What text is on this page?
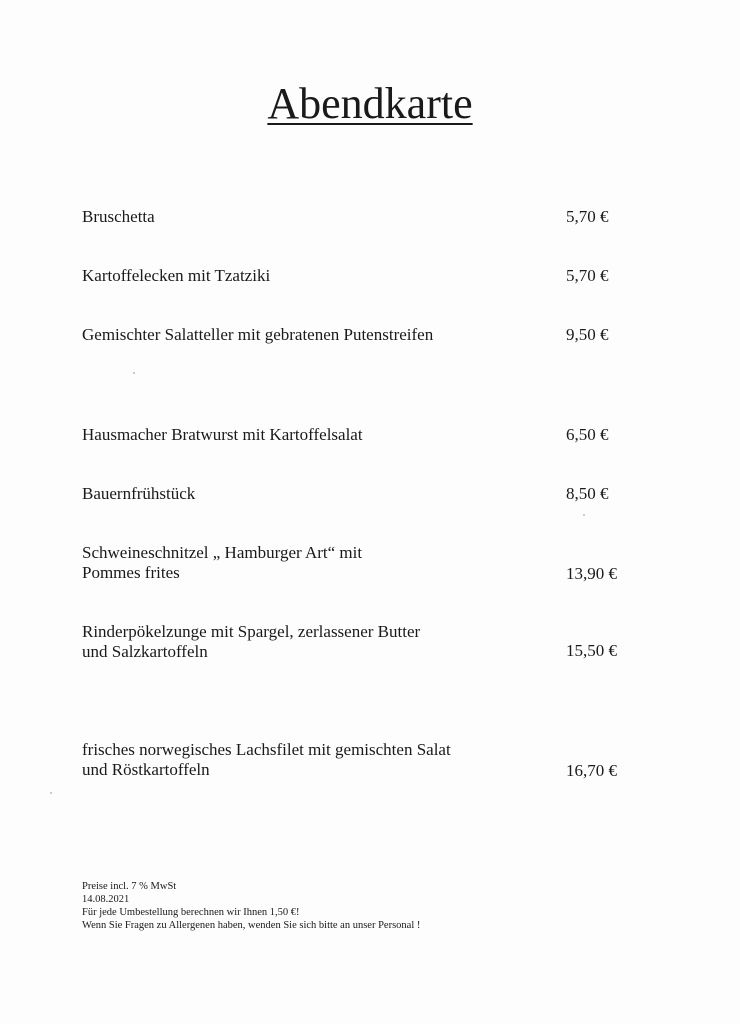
Abendkarte
Bruschetta	5,70 €
Kartoffelecken mit Tzatziki	5,70 €
Gemischter Salatteller mit gebratenen Putenstreifen	9,50 €
Hausmacher Bratwurst mit Kartoffelsalat	6,50 €
Bauernfrühstück	8,50 €
Schweineschnitzel „ Hamburger Art“ mit
Pommes frites	13,90 €
Rinderpökelzunge mit Spargel, zerlassener Butter
und Salzkartoffeln	15,50 €
frisches norwegisches Lachsfilet mit gemischten Salat
und Röstkartoffeln	16,70 €
Preise incl. 7 % MwSt
14.08.2021
Für jede Umbestellung berechnen wir Ihnen 1,50 €!
Wenn Sie Fragen zu Allergenen haben, wenden Sie sich bitte an unser Personal !
